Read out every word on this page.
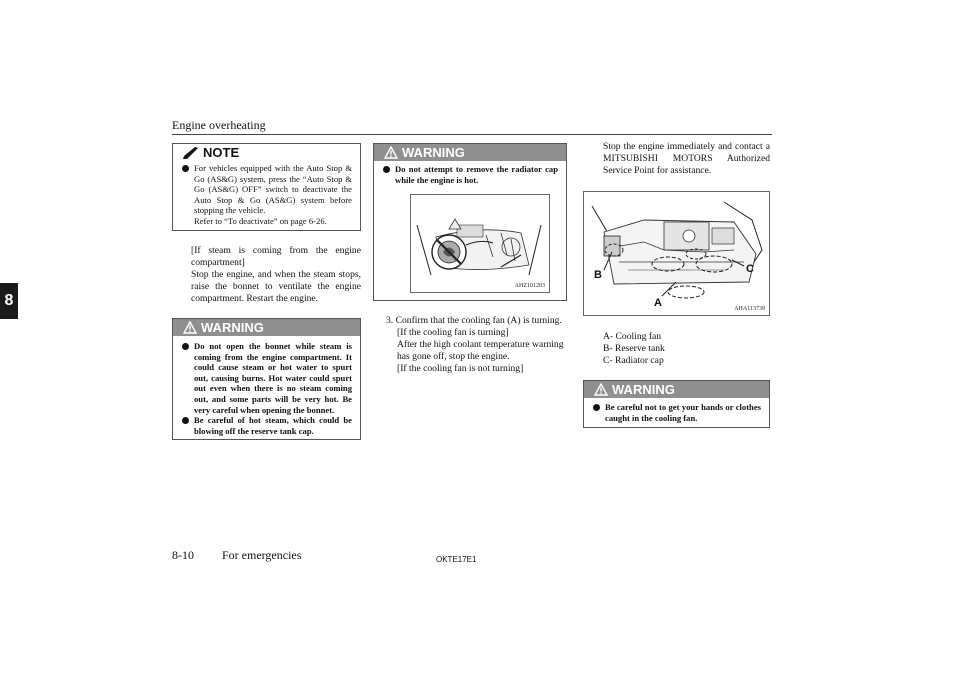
Engine overheating
8
NOTE
For vehicles equipped with the Auto Stop & Go (AS&G) system, press the “Auto Stop & Go (AS&G) OFF” switch to deactivate the Auto Stop & Go (AS&G) system before stopping the vehicle.
Refer to “To deactivate” on page 6-26.

[If steam is coming from the engine compartment]

Stop the engine, and when the steam stops, raise the bonnet to ventilate the engine compartment. Restart the engine.

WARNING
Do not open the bonnet while steam is coming from the engine compartment. It could cause steam or hot water to spurt out, causing burns. Hot water could spurt out even when there is no steam coming out, and some parts will be very hot. Be very careful when opening the bonnet.
Be careful of hot steam, which could be blowing off the reserve tank cap.
WARNING
Do not attempt to remove the radiator cap while the engine is hot.
AHZ101203
3. Confirm that the cooling fan (A) is turning.
[If the cooling fan is turning]
After the high coolant temperature warning has gone off, stop the engine.
[If the cooling fan is not turning]

Stop the engine immediately and contact a MITSUBISHI MOTORS Authorized Service Point for assistance.

B
A
C
AHA113739
A- Cooling fan
B- Reserve tank
C- Radiator cap
WARNING
Be careful not to get your hands or clothes caught in the cooling fan.
8-10 For emergencies	OKTE17E1
